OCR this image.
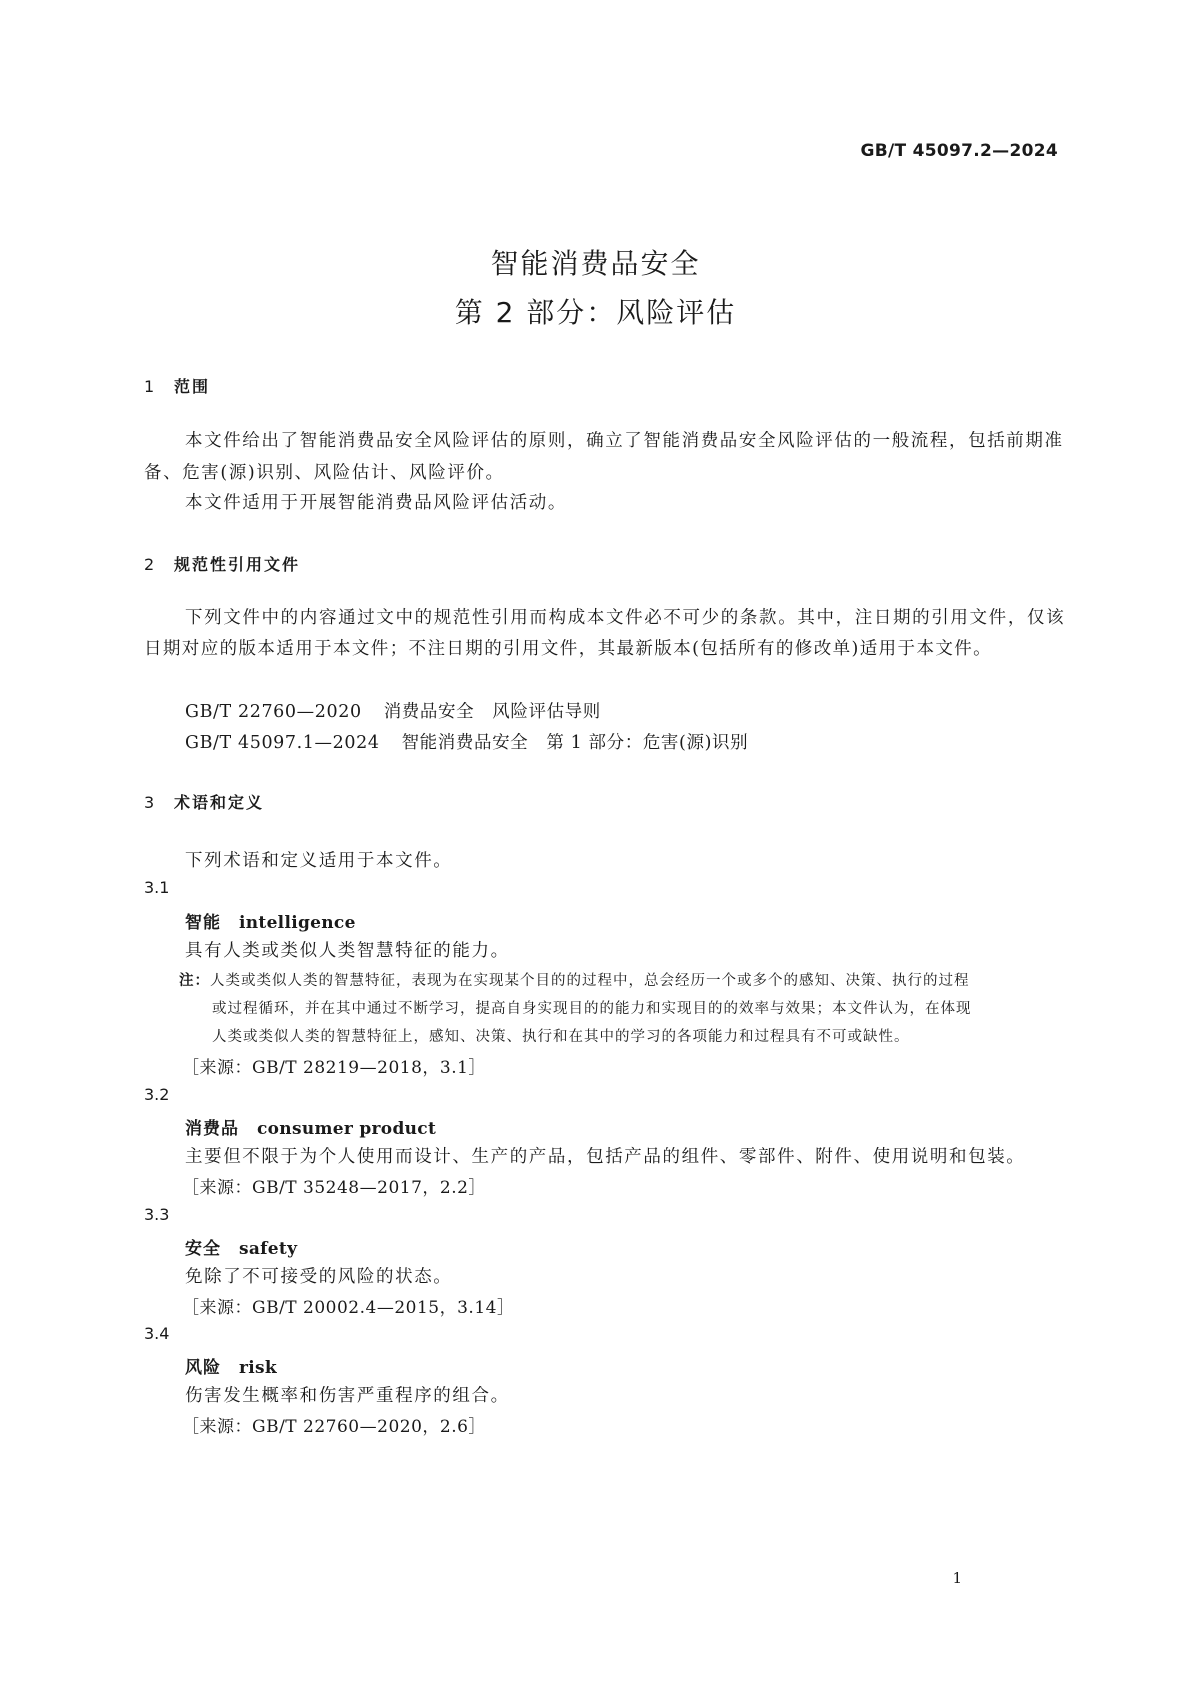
GB/T 45097.2—2024
智能消费品安全
第 2 部分：风险评估
1 范围
本文件给出了智能消费品安全风险评估的原则，确立了智能消费品安全风险评估的一般流程，包括前期准备、危害(源)识别、风险估计、风险评价。
本文件适用于开展智能消费品风险评估活动。
2 规范性引用文件
下列文件中的内容通过文中的规范性引用而构成本文件必不可少的条款。其中，注日期的引用文件，仅该日期对应的版本适用于本文件；不注日期的引用文件，其最新版本(包括所有的修改单)适用于本文件。
GB/T 22760—2020 消费品安全　风险评估导则
GB/T 45097.1—2024 智能消费品安全　第 1 部分：危害(源)识别
3 术语和定义
下列术语和定义适用于本文件。
3.1
智能 intelligence
具有人类或类似人类智慧特征的能力。
注：人类或类似人类的智慧特征，表现为在实现某个目的的过程中，总会经历一个或多个的感知、决策、执行的过程
或过程循环，并在其中通过不断学习，提高自身实现目的的能力和实现目的的效率与效果；本文件认为，在体现
人类或类似人类的智慧特征上，感知、决策、执行和在其中的学习的各项能力和过程具有不可或缺性。
［来源：GB/T 28219—2018，3.1］
3.2
消费品 consumer product
主要但不限于为个人使用而设计、生产的产品，包括产品的组件、零部件、附件、使用说明和包装。
［来源：GB/T 35248—2017，2.2］
3.3
安全 safety
免除了不可接受的风险的状态。
［来源：GB/T 20002.4—2015，3.14］
3.4
风险 risk
伤害发生概率和伤害严重程序的组合。
［来源：GB/T 22760—2020，2.6］
1
